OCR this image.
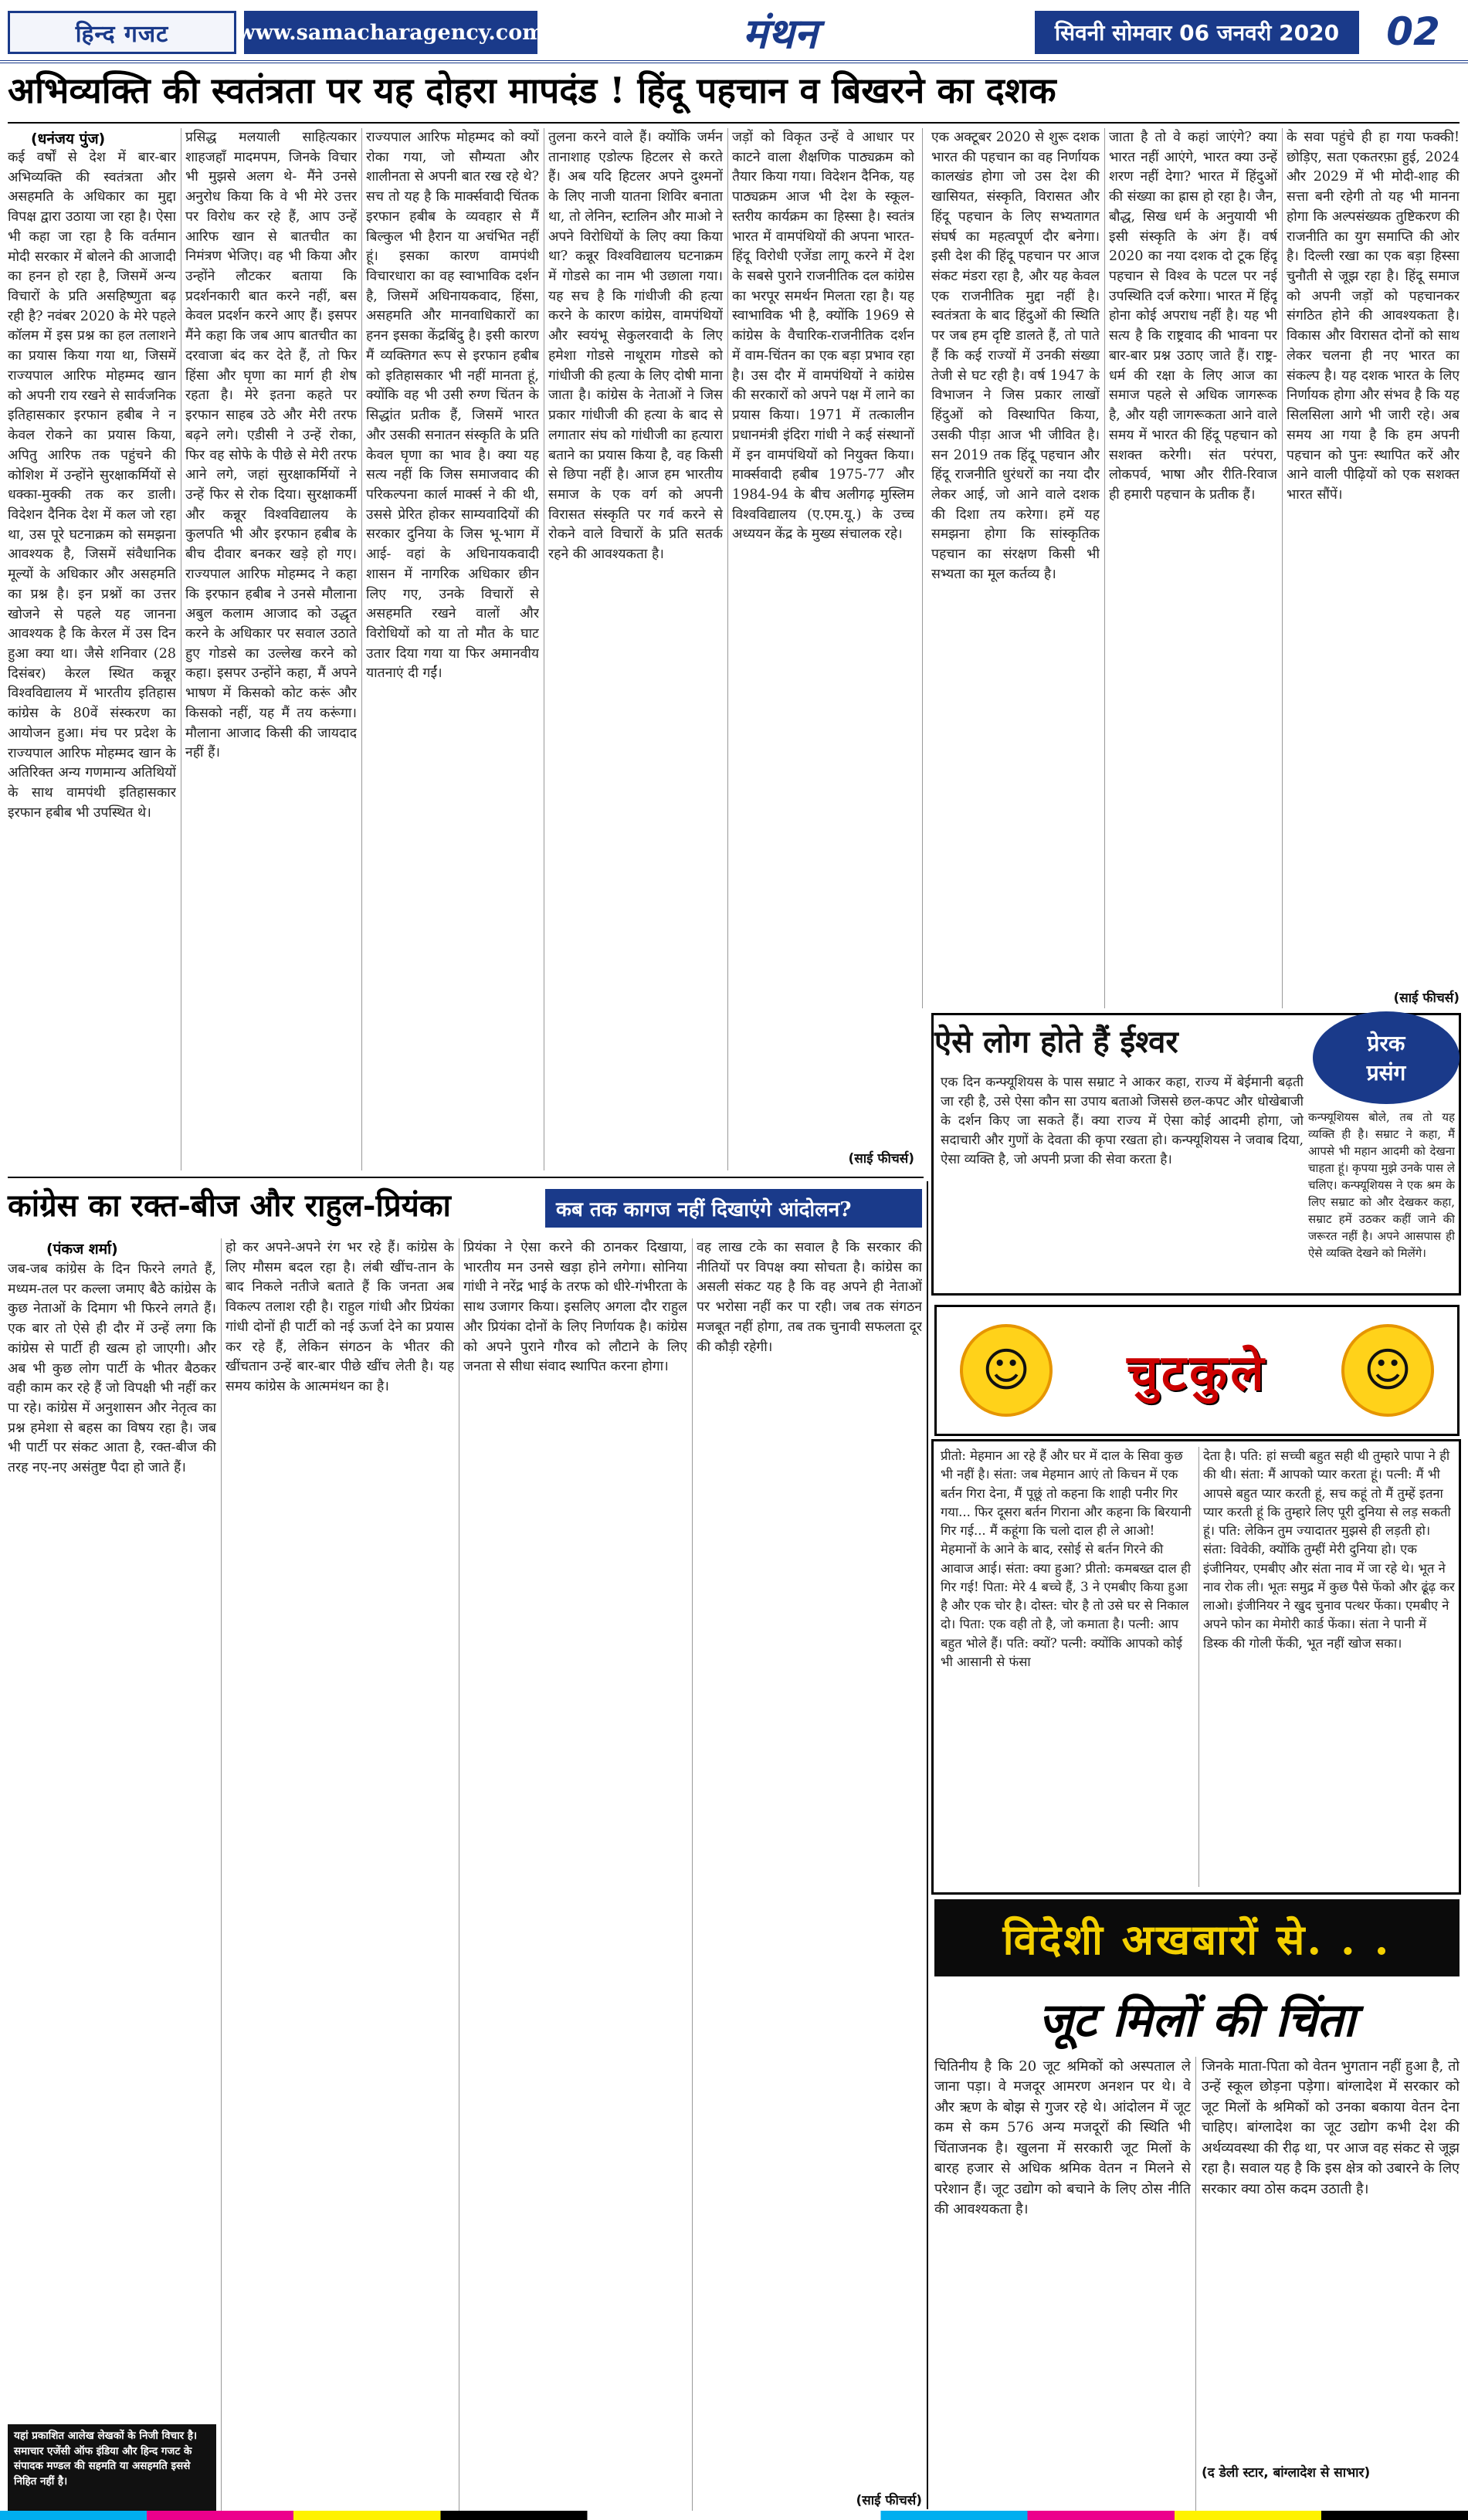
हिन्द गजट	www.samacharagency.com	मंथन	सिवनी सोमवार 06 जनवरी 2020	02
अभिव्यक्ति की स्वतंत्रता पर यह दोहरा मापदंड ! हिंदू पहचान व बिखरने का दशक
(धनंजय पुंज)
कई वर्षों से देश में बार-बार अभिव्यक्ति की स्वतंत्रता और असहमति के अधिकार का मुद्दा विपक्ष द्वारा उठाया जा रहा है। ऐसा भी कहा जा रहा है कि वर्तमान मोदी सरकार में बोलने की आजादी का हनन हो रहा है, जिसमें अन्य विचारों के प्रति असहिष्णुता बढ़ रही है? नवंबर 2020 के मेरे पहले कॉलम में इस प्रश्न का हल तलाशने का प्रयास किया गया था, जिसमें राज्यपाल आरिफ मोहम्मद खान को अपनी राय रखने से सार्वजनिक इतिहासकार इरफान हबीब ने न केवल रोकने का प्रयास किया, अपितु आरिफ तक पहुंचने की कोशिश में उन्होंने सुरक्षाकर्मियों से धक्का-मुक्की तक कर डाली। विदेशन दैनिक देश में कल जो रहा था, उस पूरे घटनाक्रम को समझना आवश्यक है, जिसमें संवैधानिक मूल्यों के अधिकार और असहमति का प्रश्न है। इन प्रश्नों का उत्तर खोजने से पहले यह जानना आवश्यक है कि केरल में उस दिन हुआ क्या था। जैसे शनिवार (28 दिसंबर) केरल स्थित कन्नूर विश्वविद्यालय में भारतीय इतिहास कांग्रेस के 80वें संस्करण का आयोजन हुआ। मंच पर प्रदेश के राज्यपाल आरिफ मोहम्मद खान के अतिरिक्त अन्य गणमान्य अतिथियों के साथ वामपंथी इतिहासकार इरफान हबीब भी उपस्थित थे।
प्रसिद्ध मलयाली साहित्यकार शाहजहाँ मादमपम, जिनके विचार भी मुझसे अलग थे- मैंने उनसे अनुरोध किया कि वे भी मेरे उत्तर पर विरोध कर रहे हैं, आप उन्हें आरिफ खान से बातचीत का निमंत्रण भेजिए। वह भी किया और उन्होंने लौटकर बताया कि प्रदर्शनकारी बात करने नहीं, बस केवल प्रदर्शन करने आए हैं। इसपर मैंने कहा कि जब आप बातचीत का दरवाजा बंद कर देते हैं, तो फिर हिंसा और घृणा का मार्ग ही शेष रहता है। मेरे इतना कहते पर इरफान साहब उठे और मेरी तरफ बढ़ने लगे। एडीसी ने उन्हें रोका, फिर वह सोफे के पीछे से मेरी तरफ आने लगे, जहां सुरक्षाकर्मियों ने उन्हें फिर से रोक दिया। सुरक्षाकर्मी और कन्नूर विश्वविद्यालय के कुलपति भी और इरफान हबीब के बीच दीवार बनकर खड़े हो गए। राज्यपाल आरिफ मोहम्मद ने कहा कि इरफान हबीब ने उनसे मौलाना अबुल कलाम आजाद को उद्धृत करने के अधिकार पर सवाल उठाते हुए गोडसे का उल्लेख करने को कहा। इसपर उन्होंने कहा, मैं अपने भाषण में किसको कोट करूं और किसको नहीं, यह मैं तय करूंगा। मौलाना आजाद किसी की जायदाद नहीं हैं।
राज्यपाल आरिफ मोहम्मद को क्यों रोका गया, जो सौम्यता और शालीनता से अपनी बात रख रहे थे? सच तो यह है कि मार्क्सवादी चिंतक इरफान हबीब के व्यवहार से मैं बिल्कुल भी हैरान या अचंभित नहीं हूं। इसका कारण वामपंथी विचारधारा का वह स्वाभाविक दर्शन है, जिसमें अधिनायकवाद, हिंसा, असहमति और मानवाधिकारों का हनन इसका केंद्रबिंदु है। इसी कारण मैं व्यक्तिगत रूप से इरफान हबीब को इतिहासकार भी नहीं मानता हूं, क्योंकि वह भी उसी रुग्ण चिंतन के सिद्धांत प्रतीक हैं, जिसमें भारत और उसकी सनातन संस्कृति के प्रति केवल घृणा का भाव है। क्या यह सत्य नहीं कि जिस समाजवाद की परिकल्पना कार्ल मार्क्स ने की थी, उससे प्रेरित होकर साम्यवादियों की सरकार दुनिया के जिस भू-भाग में आई- वहां के अधिनायकवादी शासन में नागरिक अधिकार छीन लिए गए, उनके विचारों से असहमति रखने वालों और विरोधियों को या तो मौत के घाट उतार दिया गया या फिर अमानवीय यातनाएं दी गईं।
तुलना करने वाले हैं। क्योंकि जर्मन तानाशाह एडोल्फ हिटलर से करते हैं। अब यदि हिटलर अपने दुश्मनों के लिए नाजी यातना शिविर बनाता था, तो लेनिन, स्टालिन और माओ ने अपने विरोधियों के लिए क्या किया था? कन्नूर विश्वविद्यालय घटनाक्रम में गोडसे का नाम भी उछाला गया। यह सच है कि गांधीजी की हत्या करने के कारण कांग्रेस, वामपंथियों और स्वयंभू सेकुलरवादी के लिए हमेशा गोडसे नाथूराम गोडसे को गांधीजी की हत्या के लिए दोषी माना जाता है। कांग्रेस के नेताओं ने जिस प्रकार गांधीजी की हत्या के बाद से लगातार संघ को गांधीजी का हत्यारा बताने का प्रयास किया है, वह किसी से छिपा नहीं है। आज हम भारतीय समाज के एक वर्ग को अपनी विरासत संस्कृति पर गर्व करने से रोकने वाले विचारों के प्रति सतर्क रहने की आवश्यकता है।
जड़ों को विकृत उन्हें वे आधार पर काटने वाला शैक्षणिक पाठ्यक्रम को तैयार किया गया। विदेशन दैनिक, यह पाठ्यक्रम आज भी देश के स्कूल-स्तरीय कार्यक्रम का हिस्सा है। स्वतंत्र भारत में वामपंथियों की अपना भारत-हिंदू विरोधी एजेंडा लागू करने में देश के सबसे पुराने राजनीतिक दल कांग्रेस का भरपूर समर्थन मिलता रहा है। यह स्वाभाविक भी है, क्योंकि 1969 से कांग्रेस के वैचारिक-राजनीतिक दर्शन में वाम-चिंतन का एक बड़ा प्रभाव रहा है। उस दौर में वामपंथियों ने कांग्रेस की सरकारों को अपने पक्ष में लाने का प्रयास किया। 1971 में तत्कालीन प्रधानमंत्री इंदिरा गांधी ने कई संस्थानों में इन वामपंथियों को नियुक्त किया। मार्क्सवादी हबीब 1975-77 और 1984-94 के बीच अलीगढ़ मुस्लिम विश्वविद्यालय (ए.एम.यू.) के उच्च अध्ययन केंद्र के मुख्य संचालक रहे।
(साई फीचर्स)
एक अक्टूबर 2020 से शुरू दशक भारत की पहचान का वह निर्णायक कालखंड होगा जो उस देश की खासियत, संस्कृति, विरासत और हिंदू पहचान के लिए सभ्यतागत संघर्ष का महत्वपूर्ण दौर बनेगा। इसी देश की हिंदू पहचान पर आज संकट मंडरा रहा है, और यह केवल एक राजनीतिक मुद्दा नहीं है। स्वतंत्रता के बाद हिंदुओं की स्थिति पर जब हम दृष्टि डालते हैं, तो पाते हैं कि कई राज्यों में उनकी संख्या तेजी से घट रही है। वर्ष 1947 के विभाजन ने जिस प्रकार लाखों हिंदुओं को विस्थापित किया, उसकी पीड़ा आज भी जीवित है। सन 2019 तक हिंदू पहचान और हिंदू राजनीति धुरंधरों का नया दौर लेकर आई, जो आने वाले दशक की दिशा तय करेगा। हमें यह समझना होगा कि सांस्कृतिक पहचान का संरक्षण किसी भी सभ्यता का मूल कर्तव्य है।
जाता है तो वे कहां जाएंगे? क्या भारत नहीं आएंगे, भारत क्या उन्हें शरण नहीं देगा? भारत में हिंदुओं की संख्या का ह्रास हो रहा है। जैन, बौद्ध, सिख धर्म के अनुयायी भी इसी संस्कृति के अंग हैं। वर्ष 2020 का नया दशक दो टूक हिंदू पहचान से विश्व के पटल पर नई उपस्थिति दर्ज करेगा। भारत में हिंदू होना कोई अपराध नहीं है। यह भी सत्य है कि राष्ट्रवाद की भावना पर बार-बार प्रश्न उठाए जाते हैं। राष्ट्र-धर्म की रक्षा के लिए आज का समाज पहले से अधिक जागरूक है, और यही जागरूकता आने वाले समय में भारत की हिंदू पहचान को सशक्त करेगी। संत परंपरा, लोकपर्व, भाषा और रीति-रिवाज ही हमारी पहचान के प्रतीक हैं।
के सवा पहुंचे ही हा गया फक्की! छोड़िए, सता एकतरफ़ा हुई, 2024 और 2029 में भी मोदी-शाह की सत्ता बनी रहेगी तो यह भी मानना होगा कि अल्पसंख्यक तुष्टिकरण की राजनीति का युग समाप्ति की ओर है। दिल्ली रखा का एक बड़ा हिस्सा चुनौती से जूझ रहा है। हिंदू समाज को अपनी जड़ों को पहचानकर संगठित होने की आवश्यकता है। विकास और विरासत दोनों को साथ लेकर चलना ही नए भारत का संकल्प है। यह दशक भारत के लिए निर्णायक होगा और संभव है कि यह सिलसिला आगे भी जारी रहे। अब समय आ गया है कि हम अपनी पहचान को पुनः स्थापित करें और आने वाली पीढ़ियों को एक सशक्त भारत सौंपें।
(साई फीचर्स)
कांग्रेस का रक्त-बीज और राहुल-प्रियंका
(पंकज शर्मा)
जब-जब कांग्रेस के दिन फिरने लगते हैं, मध्यम-तल पर कल्ला जमाए बैठे कांग्रेस के कुछ नेताओं के दिमाग भी फिरने लगते हैं। एक बार तो ऐसे ही दौर में उन्हें लगा कि कांग्रेस से पार्टी ही खत्म हो जाएगी। और अब भी कुछ लोग पार्टी के भीतर बैठकर वही काम कर रहे हैं जो विपक्षी भी नहीं कर पा रहे। कांग्रेस में अनुशासन और नेतृत्व का प्रश्न हमेशा से बहस का विषय रहा है। जब भी पार्टी पर संकट आता है, रक्त-बीज की तरह नए-नए असंतुष्ट पैदा हो जाते हैं।
हो कर अपने-अपने रंग भर रहे हैं। कांग्रेस के लिए मौसम बदल रहा है। लंबी खींच-तान के बाद निकले नतीजे बताते हैं कि जनता अब विकल्प तलाश रही है। राहुल गांधी और प्रियंका गांधी दोनों ही पार्टी को नई ऊर्जा देने का प्रयास कर रहे हैं, लेकिन संगठन के भीतर की खींचतान उन्हें बार-बार पीछे खींच लेती है। यह समय कांग्रेस के आत्ममंथन का है।
प्रियंका ने ऐसा करने की ठानकर दिखाया, भारतीय मन उनसे खड़ा होने लगेगा। सोनिया गांधी ने नरेंद्र भाई के तरफ को धीरे-गंभीरता के साथ उजागर किया। इसलिए अगला दौर राहुल और प्रियंका दोनों के लिए निर्णायक है। कांग्रेस को अपने पुराने गौरव को लौटाने के लिए जनता से सीधा संवाद स्थापित करना होगा।
वह लाख टके का सवाल है कि सरकार की नीतियों पर विपक्ष क्या सोचता है। कांग्रेस का असली संकट यह है कि वह अपने ही नेताओं पर भरोसा नहीं कर पा रही। जब तक संगठन मजबूत नहीं होगा, तब तक चुनावी सफलता दूर की कौड़ी रहेगी।
(साई फीचर्स)
यहां प्रकाशित आलेख लेखकों के निजी विचार है। समाचार एजेंसी ऑफ इंडिया और हिन्द गजट के संपादक मण्डल की सहमति या असहमति इससे निहित नहीं है।
कब तक कागज नहीं दिखाएंगे आंदोलन?
ऐसे लोग होते हैं ईश्वर	प्रेरक
प्रसंग
एक दिन कन्फ्यूशियस के पास सम्राट ने आकर कहा, राज्य में बेईमानी बढ़ती जा रही है, उसे ऐसा कौन सा उपाय बताओ जिससे छल-कपट और धोखेबाजी के दर्शन किए जा सकते हैं। क्या राज्य में ऐसा कोई आदमी होगा, जो सदाचारी और गुणों के देवता की कृपा रखता हो। कन्फ्यूशियस ने जवाब दिया, ऐसा व्यक्ति है, जो अपनी प्रजा की सेवा करता है।
कन्फ्यूशियस बोले, तब तो यह व्यक्ति ही है। सम्राट ने कहा, मैं आपसे भी महान आदमी को देखना चाहता हूं। कृपया मुझे उनके पास ले चलिए। कन्फ्यूशियस ने एक श्रम के लिए सम्राट को और देखकर कहा, सम्राट हमें उठकर कहीं जाने की जरूरत नहीं है। अपने आसपास ही ऐसे व्यक्ति देखने को मिलेंगे।
☺	चुटकुले	☺
प्रीतो: मेहमान आ रहे हैं और घर में दाल के सिवा कुछ भी नहीं है। संता: जब मेहमान आएं तो किचन में एक बर्तन गिरा देना, मैं पूछूं तो कहना कि शाही पनीर गिर गया... फिर दूसरा बर्तन गिराना और कहना कि बिरयानी गिर गई... मैं कहूंगा कि चलो दाल ही ले आओ! मेहमानों के आने के बाद, रसोई से बर्तन गिरने की आवाज आई। संता: क्या हुआ? प्रीतो: कमबख्त दाल ही गिर गई! पिता: मेरे 4 बच्चे हैं, 3 ने एमबीए किया हुआ है और एक चोर है। दोस्त: चोर है तो उसे घर से निकाल दो। पिता: एक वही तो है, जो कमाता है। पत्नी: आप बहुत भोले हैं। पति: क्यों? पत्नी: क्योंकि आपको कोई भी आसानी से फंसा
देता है। पति: हां सच्ची बहुत सही थी तुम्हारे पापा ने ही की थी। संता: मैं आपको प्यार करता हूं। पत्नी: मैं भी आपसे बहुत प्यार करती हूं, सच कहूं तो मैं तुम्हें इतना प्यार करती हूं कि तुम्हारे लिए पूरी दुनिया से लड़ सकती हूं। पति: लेकिन तुम ज्यादातर मुझसे ही लड़ती हो। संता: विवेकी, क्योंकि तुम्हीं मेरी दुनिया हो। एक इंजीनियर, एमबीए और संता नाव में जा रहे थे। भूत ने नाव रोक ली। भूतः समुद्र में कुछ पैसे फेंको और ढूंढ़ कर लाओ। इंजीनियर ने खुद चुनाव पत्थर फेंका। एमबीए ने अपने फोन का मेमोरी कार्ड फेंका। संता ने पानी में डिस्क की गोली फेंकी, भूत नहीं खोज सका।
विदेशी अखबारों से. . .
जूट मिलों की चिंता
चितिनीय है कि 20 जूट श्रमिकों को अस्पताल ले जाना पड़ा। वे मजदूर आमरण अनशन पर थे। वे और ऋण के बोझ से गुजर रहे थे। आंदोलन में जूट कम से कम 576 अन्य मजदूरों की स्थिति भी चिंताजनक है। खुलना में सरकारी जूट मिलों के बारह हजार से अधिक श्रमिक वेतन न मिलने से परेशान हैं। जूट उद्योग को बचाने के लिए ठोस नीति की आवश्यकता है।
जिनके माता-पिता को वेतन भुगतान नहीं हुआ है, तो उन्हें स्कूल छोड़ना पड़ेगा। बांग्लादेश में सरकार को जूट मिलों के श्रमिकों को उनका बकाया वेतन देना चाहिए। बांग्लादेश का जूट उद्योग कभी देश की अर्थव्यवस्था की रीढ़ था, पर आज वह संकट से जूझ रहा है। सवाल यह है कि इस क्षेत्र को उबारने के लिए सरकार क्या ठोस कदम उठाती है।
(द डेली स्टार, बांग्लादेश से साभार)
